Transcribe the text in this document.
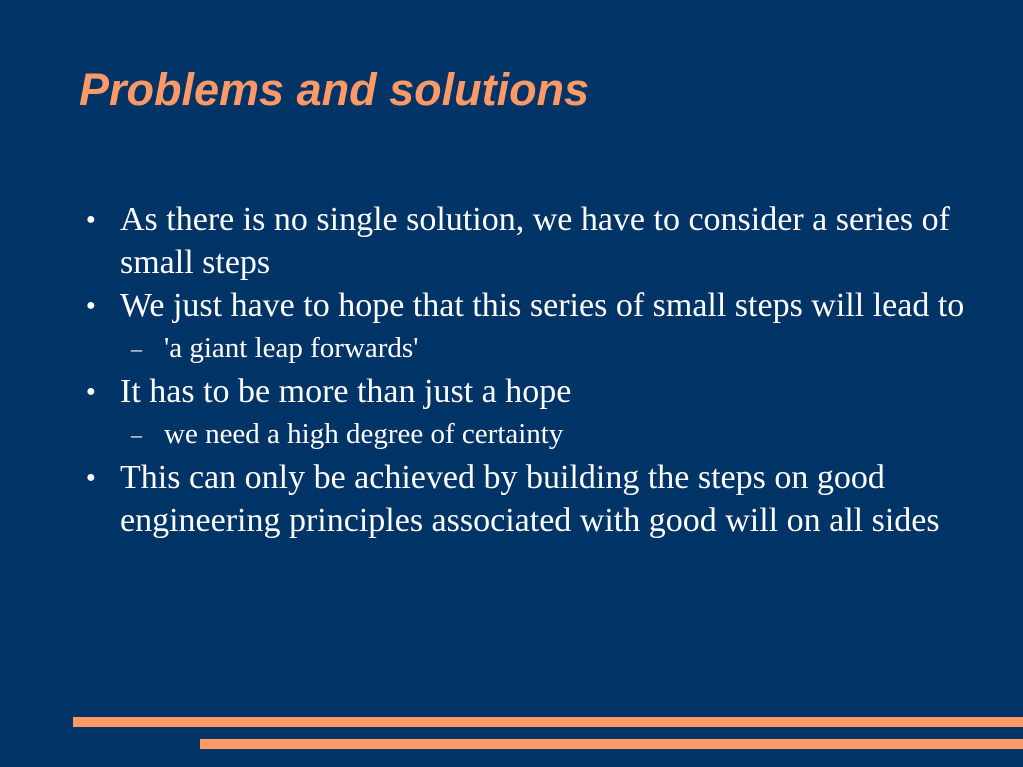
Problems and solutions
● As there is no single solution, we have to consider a series of small steps
● We just have to hope that this series of small steps will lead to
– 'a giant leap forwards'
● It has to be more than just a hope
– we need a high degree of certainty
● This can only be achieved by building the steps on good engineering principles associated with good will on all sides
